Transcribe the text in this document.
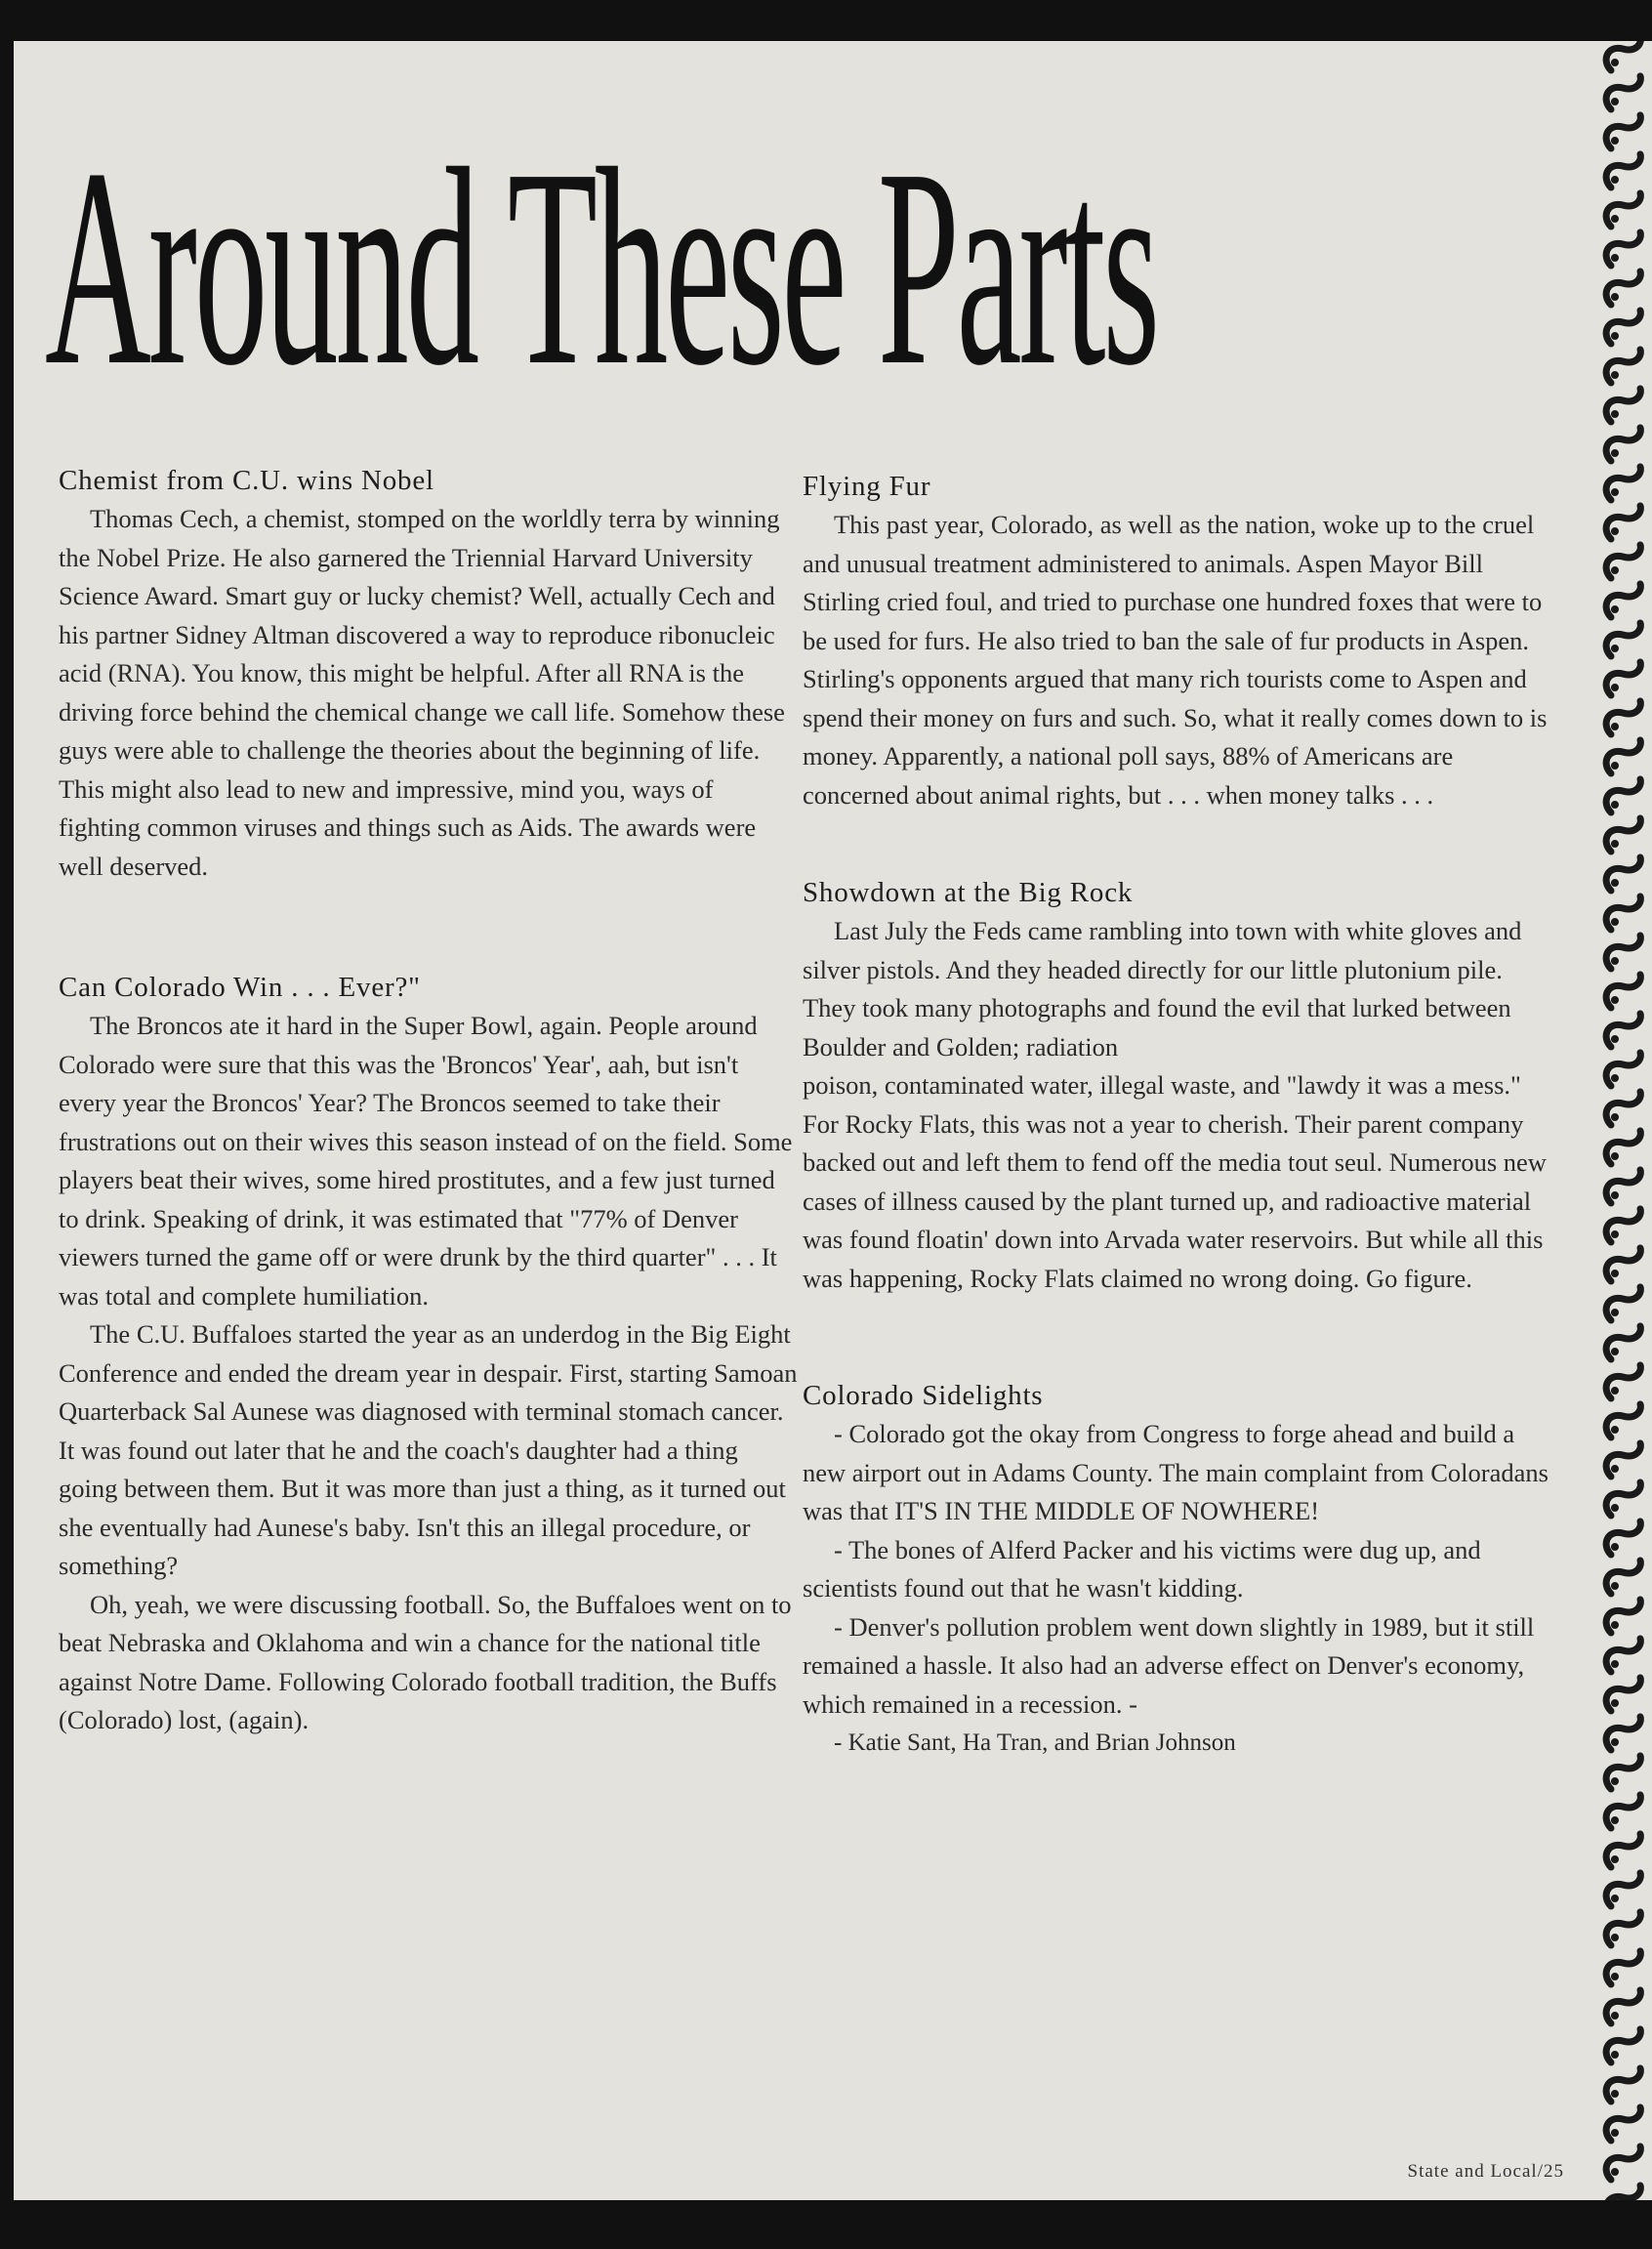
Around These Parts
Chemist from C.U. wins Nobel

Thomas Cech, a chemist, stomped on the worldly terra by winning the Nobel Prize. He also garnered the Triennial Harvard University Science Award. Smart guy or lucky chemist? Well, actually Cech and his partner Sidney Altman discovered a way to reproduce ribonucleic acid (RNA). You know, this might be helpful. After all RNA is the driving force behind the chemical change we call life. Somehow these guys were able to challenge the theories about the beginning of life. This might also lead to new and impressive, mind you, ways of fighting common viruses and things such as Aids. The awards were well deserved.

Can Colorado Win . . . Ever?"

The Broncos ate it hard in the Super Bowl, again. People around Colorado were sure that this was the 'Broncos' Year', aah, but isn't every year the Broncos' Year? The Broncos seemed to take their frustrations out on their wives this season instead of on the field. Some players beat their wives, some hired prostitutes, and a few just turned to drink. Speaking of drink, it was estimated that "77% of Denver viewers turned the game off or were drunk by the third quarter" . . . It was total and complete humiliation.

The C.U. Buffaloes started the year as an underdog in the Big Eight Conference and ended the dream year in despair. First, starting Samoan Quarterback Sal Aunese was diagnosed with terminal stomach cancer. It was found out later that he and the coach's daughter had a thing going between them. But it was more than just a thing, as it turned out she eventually had Aunese's baby. Isn't this an illegal procedure, or something?

Oh, yeah, we were discussing football. So, the Buffaloes went on to beat Nebraska and Oklahoma and win a chance for the national title against Notre Dame. Following Colorado football tradition, the Buffs (Colorado) lost, (again).

Flying Fur

This past year, Colorado, as well as the nation, woke up to the cruel and unusual treatment administered to animals. Aspen Mayor Bill Stirling cried foul, and tried to purchase one hundred foxes that were to be used for furs. He also tried to ban the sale of fur products in Aspen. Stirling's opponents argued that many rich tourists come to Aspen and spend their money on furs and such. So, what it really comes down to is money. Apparently, a national poll says, 88% of Americans are concerned about animal rights, but . . . when money talks . . .

Showdown at the Big Rock

Last July the Feds came rambling into town with white gloves and silver pistols. And they headed directly for our little plutonium pile. They took many photographs and found the evil that lurked between Boulder and Golden; radiation

poison, contaminated water, illegal waste, and "lawdy it was a mess." For Rocky Flats, this was not a year to cherish. Their parent company backed out and left them to fend off the media tout seul. Numerous new cases of illness caused by the plant turned up, and radioactive material was found floatin' down into Arvada water reservoirs. But while all this was happening, Rocky Flats claimed no wrong doing. Go figure.

Colorado Sidelights

- Colorado got the okay from Congress to forge ahead and build a new airport out in Adams County. The main complaint from Coloradans was that IT'S IN THE MIDDLE OF NOWHERE!

- The bones of Alferd Packer and his victims were dug up, and scientists found out that he wasn't kidding.

- Denver's pollution problem went down slightly in 1989, but it still remained a hassle. It also had an adverse effect on Denver's economy, which remained in a recession. -

- Katie Sant, Ha Tran, and Brian Johnson

State and Local/25
